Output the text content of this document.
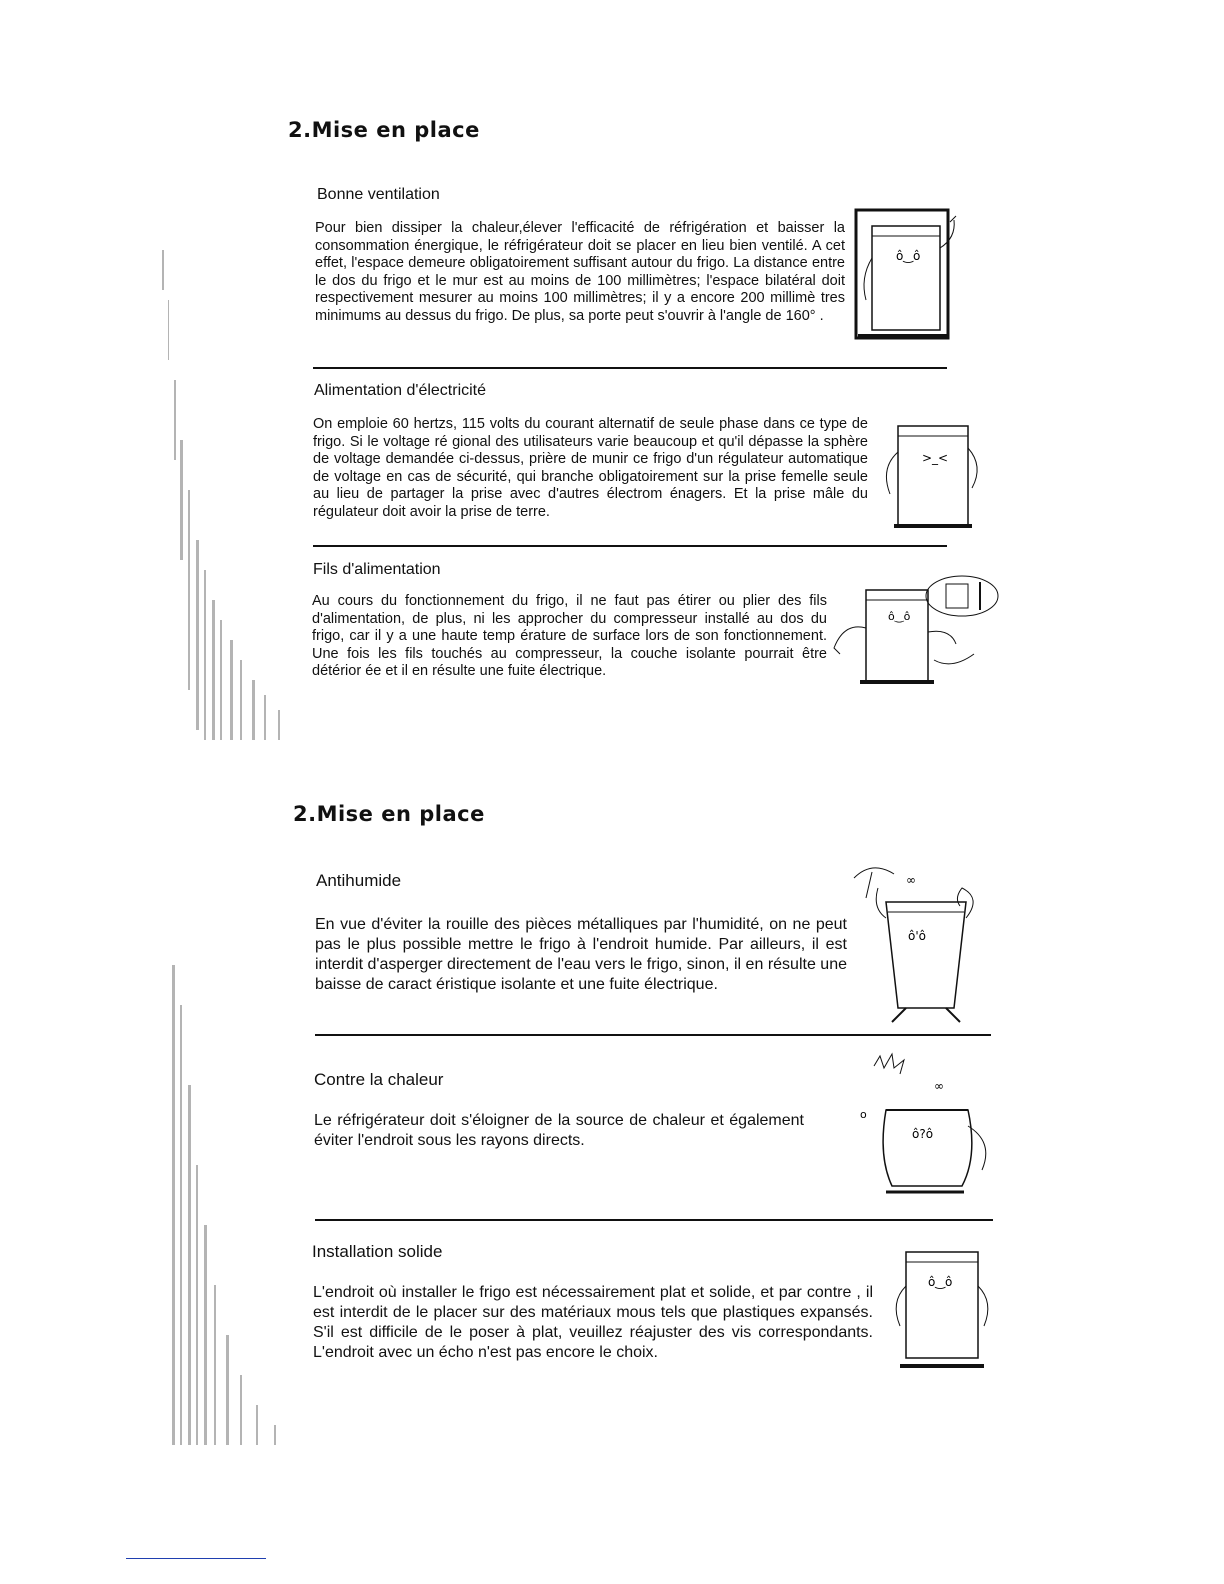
2.Mise en place
Bonne ventilation

Pour bien dissiper la chaleur,élever l'efficacité de réfrigération et baisser la consommation énergique, le réfrigérateur doit se placer en lieu bien ventilé. A cet effet, l'espace demeure obligatoirement suffisant autour du frigo. La distance entre le dos du frigo et le mur est au moins de 100 millimètres; l'espace bilatéral doit respectivement mesurer au moins 100 millimètres; il y a encore 200 millimè tres minimums au dessus du frigo. De plus, sa porte peut s'ouvrir à l'angle de 160° .

ô‿ô
Alimentation d'électricité

On emploie 60 hertzs, 115 volts du courant alternatif de seule phase dans ce type de frigo. Si le voltage ré gional des utilisateurs varie beaucoup et qu'il dépasse la sphère de voltage demandée ci-dessus, prière de munir ce frigo d'un régulateur automatique de voltage en cas de sécurité, qui branche obligatoirement sur la prise femelle seule au lieu de partager la prise avec d'autres électrom énagers. Et la prise mâle du régulateur doit avoir la prise de terre.

>_<
Fils d'alimentation

Au cours du fonctionnement du frigo, il ne faut pas étirer ou plier des fils d'alimentation, de plus, ni les approcher du compresseur installé au dos du frigo, car il y a une haute temp érature de surface lors de son fonctionnement. Une fois les fils touchés au compresseur, la couche isolante pourrait être détérior ée et il en résulte une fuite électrique.

ô‿ô
2.Mise en place
Antihumide

En vue d'éviter la rouille des pièces métalliques par l'humidité, on ne peut pas le plus possible mettre le frigo à l'endroit humide. Par ailleurs, il est interdit d'asperger directement de l'eau vers le frigo, sinon, il en résulte une baisse de caract éristique isolante et une fuite électrique.

∞
ô'ô
Contre la chaleur

Le réfrigérateur doit s'éloigner de la source de chaleur et également éviter l'endroit sous les rayons directs.

∞
o
ô?ô
Installation solide

L'endroit où installer le frigo est nécessairement plat et solide, et par contre , il est interdit de le placer sur des matériaux mous tels que plastiques expansés. S'il est difficile de le poser à plat, veuillez réajuster des vis correspondants. L'endroit avec un écho n'est pas encore le choix.

ô‿ô
